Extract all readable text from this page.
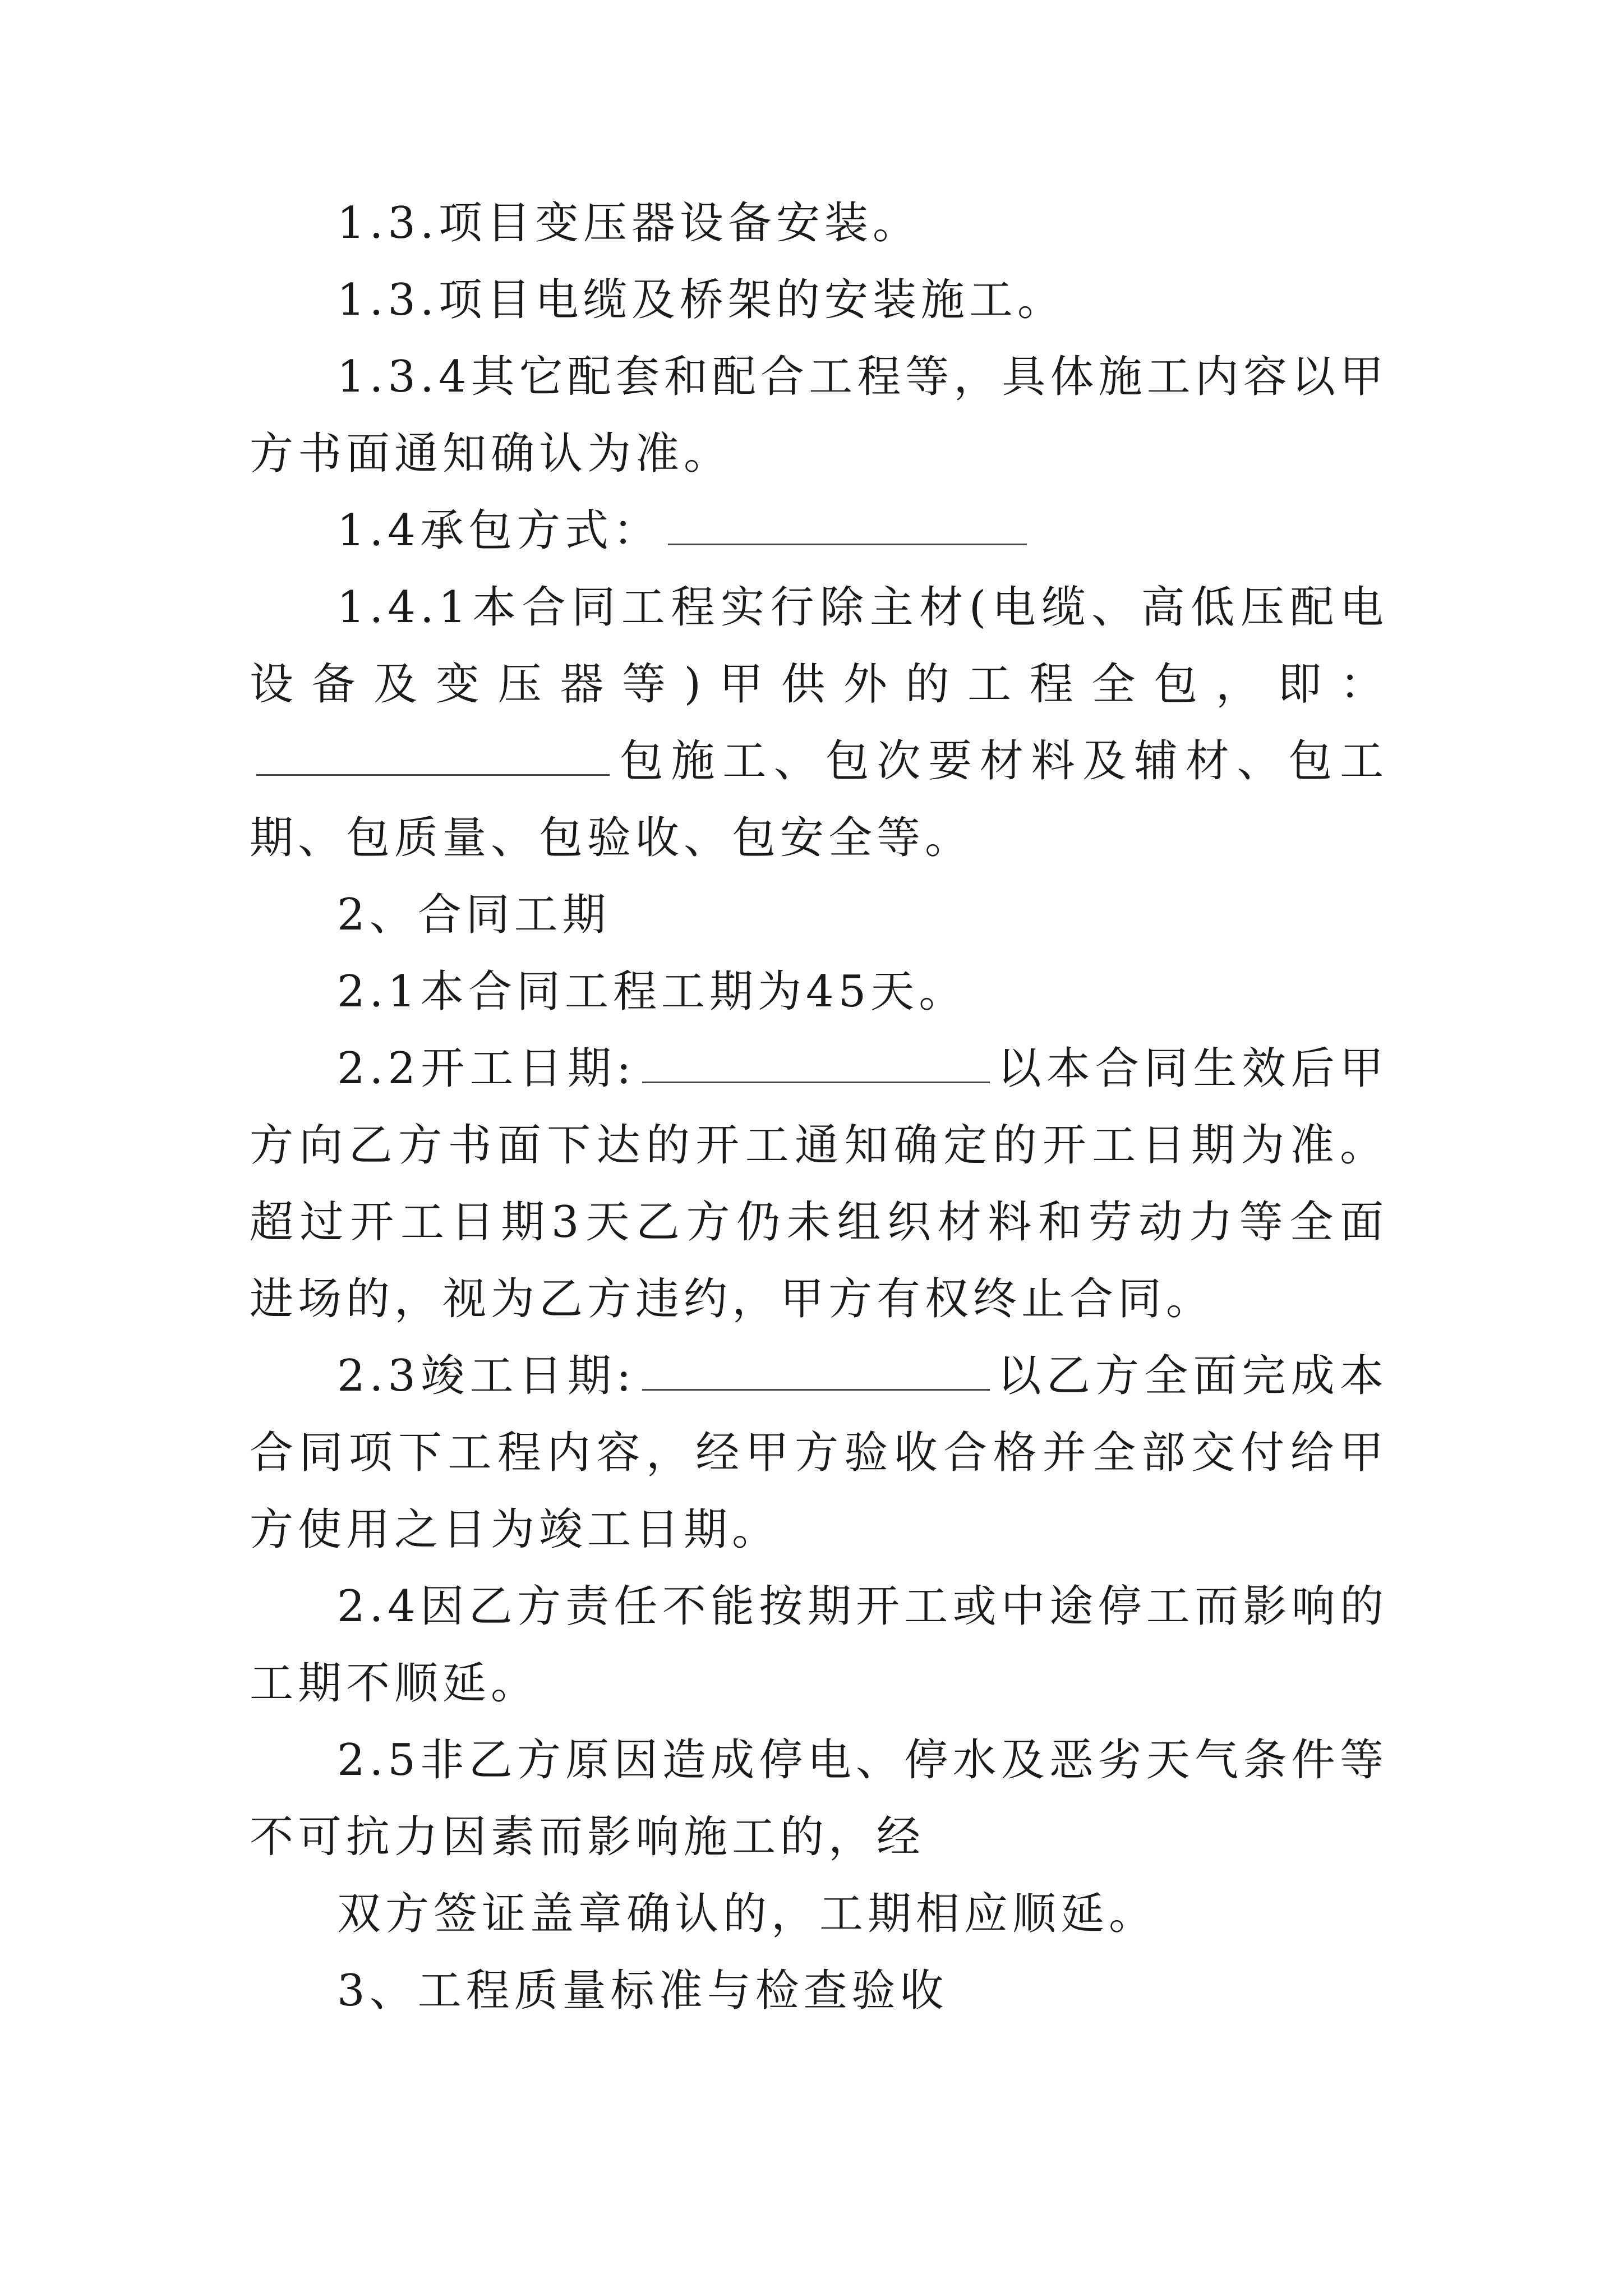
1.3.项目变压器设备安装。

1.3.项目电缆及桥架的安装施工。

1.3.4其它配套和配合工程等，具体施工内容以甲方书面通知确认为准。

1.4承包方式：

1.4.1本合同工程实行除主材(电缆、高低压配电设备及变压器等)甲供外的工程全包，即：包施工、包次要材料及辅材、包工期、包质量、包验收、包安全等。

2、合同工期

2.1本合同工程工期为45天。

2.2开工日期:	以本合同生效后甲方向乙方书面下达的开工通知确定的开工日期为准。超过开工日期3天乙方仍未组织材料和劳动力等全面进场的，视为乙方违约，甲方有权终止合同。

2.3竣工日期:	以乙方全面完成本合同项下工程内容，经甲方验收合格并全部交付给甲方使用之日为竣工日期。

2.4因乙方责任不能按期开工或中途停工而影响的工期不顺延。

2.5非乙方原因造成停电、停水及恶劣天气条件等不可抗力因素而影响施工的，经

双方签证盖章确认的，工期相应顺延。

3、工程质量标准与检查验收
